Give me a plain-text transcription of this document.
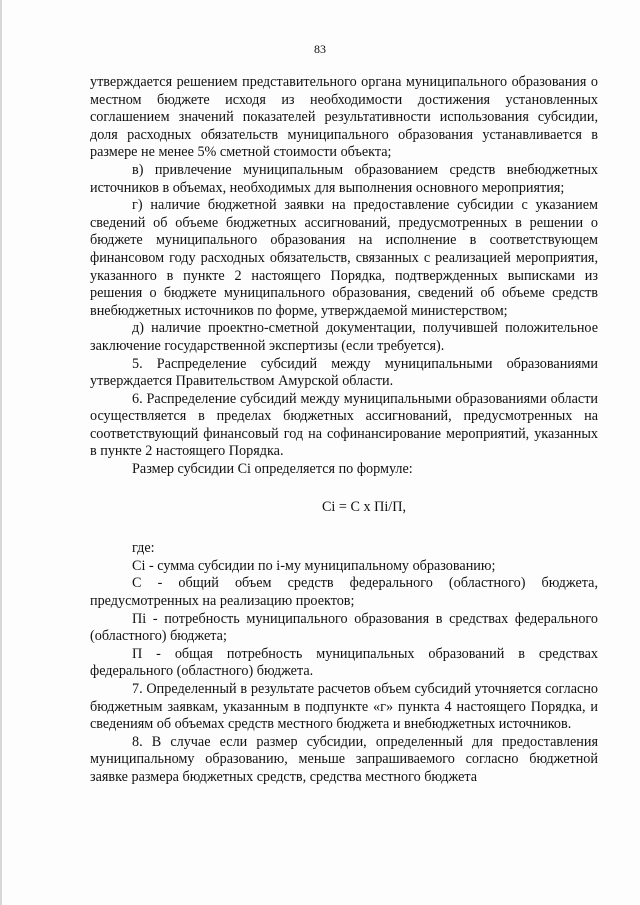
83

утверждается решением представительного органа муниципального образования о местном бюджете исходя из необходимости достижения установленных соглашением значений показателей результативности использования субсидии, доля расходных обязательств муниципального образования устанавливается в размере не менее 5% сметной стоимости объекта;

в) привлечение муниципальным образованием средств внебюджетных источников в объемах, необходимых для выполнения основного мероприятия;

г) наличие бюджетной заявки на предоставление субсидии с указанием сведений об объеме бюджетных ассигнований, предусмотренных в решении о бюджете муниципального образования на исполнение в соответствующем финансовом году расходных обязательств, связанных с реализацией мероприятия, указанного в пункте 2 настоящего Порядка, подтвержденных выписками из решения о бюджете муниципального образования, сведений об объеме средств внебюджетных источников по форме, утверждаемой министерством;

д) наличие проектно-сметной документации, получившей положительное заключение государственной экспертизы (если требуется).

5. Распределение субсидий между муниципальными образованиями утверждается Правительством Амурской области.

6. Распределение субсидий между муниципальными образованиями области осуществляется в пределах бюджетных ассигнований, предусмотренных на соответствующий финансовый год на софинансирование мероприятий, указанных в пункте 2 настоящего Порядка.

Размер субсидии Сi определяется по формуле:

Сi = С x Пi/П,

где:

Сi - сумма субсидии по i-му муниципальному образованию;

С - общий объем средств федерального (областного) бюджета, предусмотренных на реализацию проектов;

Пi - потребность муниципального образования в средствах федерального (областного) бюджета;

П - общая потребность муниципальных образований в средствах федерального (областного) бюджета.

7. Определенный в результате расчетов объем субсидий уточняется согласно бюджетным заявкам, указанным в подпункте «г» пункта 4 настоящего Порядка, и сведениям об объемах средств местного бюджета и внебюджетных источников.

8. В случае если размер субсидии, определенный для предоставления муниципальному образованию, меньше запрашиваемого согласно бюджетной заявке размера бюджетных средств, средства местного бюджета
